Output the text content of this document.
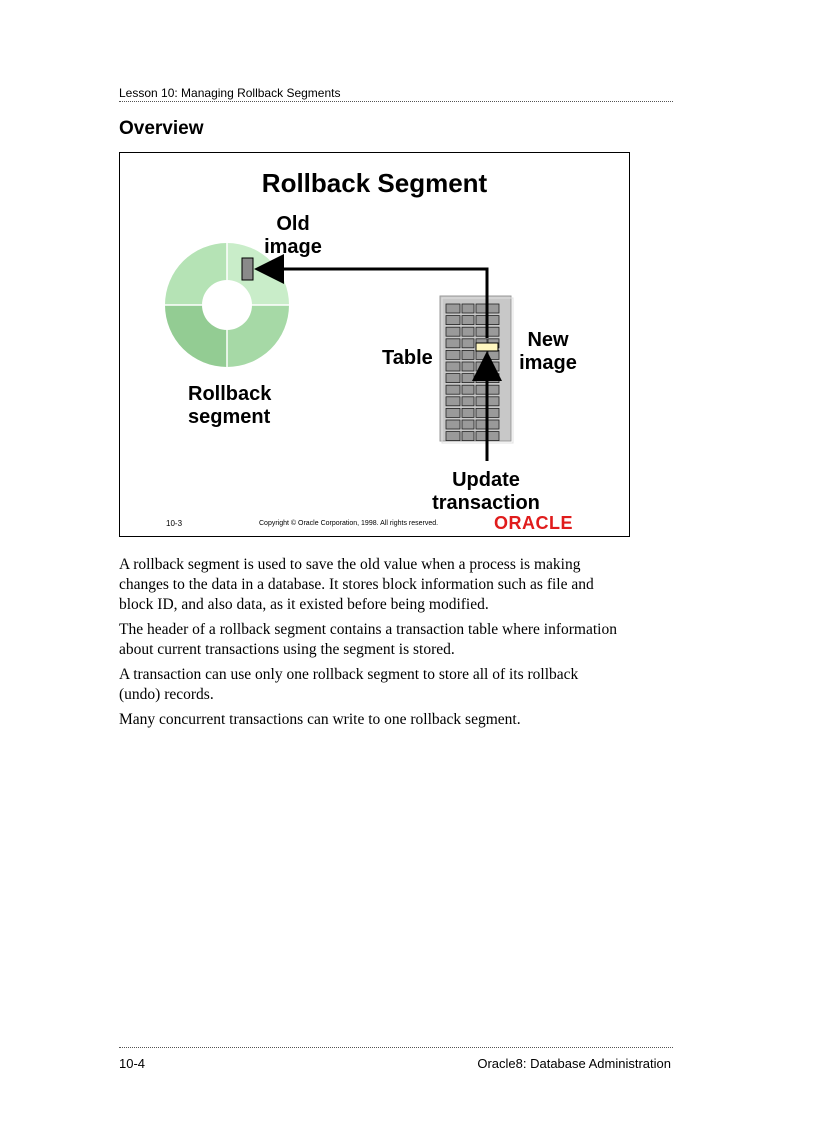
Lesson 10: Managing Rollback Segments
Overview
Rollback Segment
Old
image
New
image
Table
Rollback
segment
Update
transaction
10-3	Copyright © Oracle Corporation, 1998. All rights reserved.	ORACLE

A rollback segment is used to save the old value when a process is making changes to the data in a database. It stores block information such as file and block ID, and also data, as it existed before being modified.

The header of a rollback segment contains a transaction table where information about current transactions using the segment is stored.

A transaction can use only one rollback segment to store all of its rollback (undo) records.

Many concurrent transactions can write to one rollback segment.

10-4	Oracle8: Database Administration
